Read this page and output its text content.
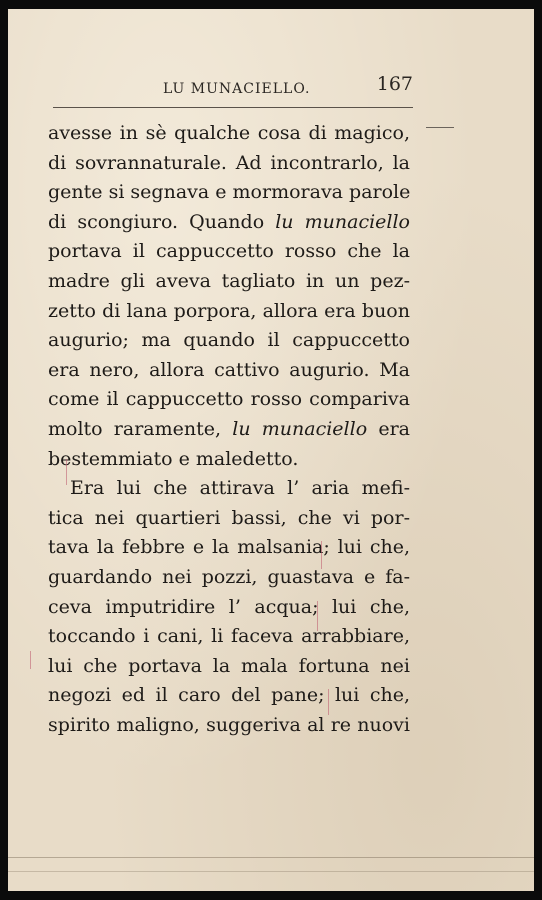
LU MUNACIELLO.	167
avesse in sè qualche cosa di magico,
di sovrannaturale. Ad incontrarlo, la
gente si segnava e mormorava parole
di scongiuro. Quando lu munaciello
portava il cappuccetto rosso che la
madre gli aveva tagliato in un pez-
zetto di lana porpora, allora era buon
augurio; ma quando il cappuccetto
era nero, allora cattivo augurio. Ma
come il cappuccetto rosso compariva
molto raramente, lu munaciello era
bestemmiato e maledetto.
Era lui che attirava l’ aria mefi-
tica nei quartieri bassi, che vi por-
tava la febbre e la malsania; lui che,
guardando nei pozzi, guastava e fa-
ceva imputridire l’ acqua; lui che,
toccando i cani, li faceva arrabbiare,
lui che portava la mala fortuna nei
negozi ed il caro del pane; lui che,
spirito maligno, suggeriva al re nuovi
